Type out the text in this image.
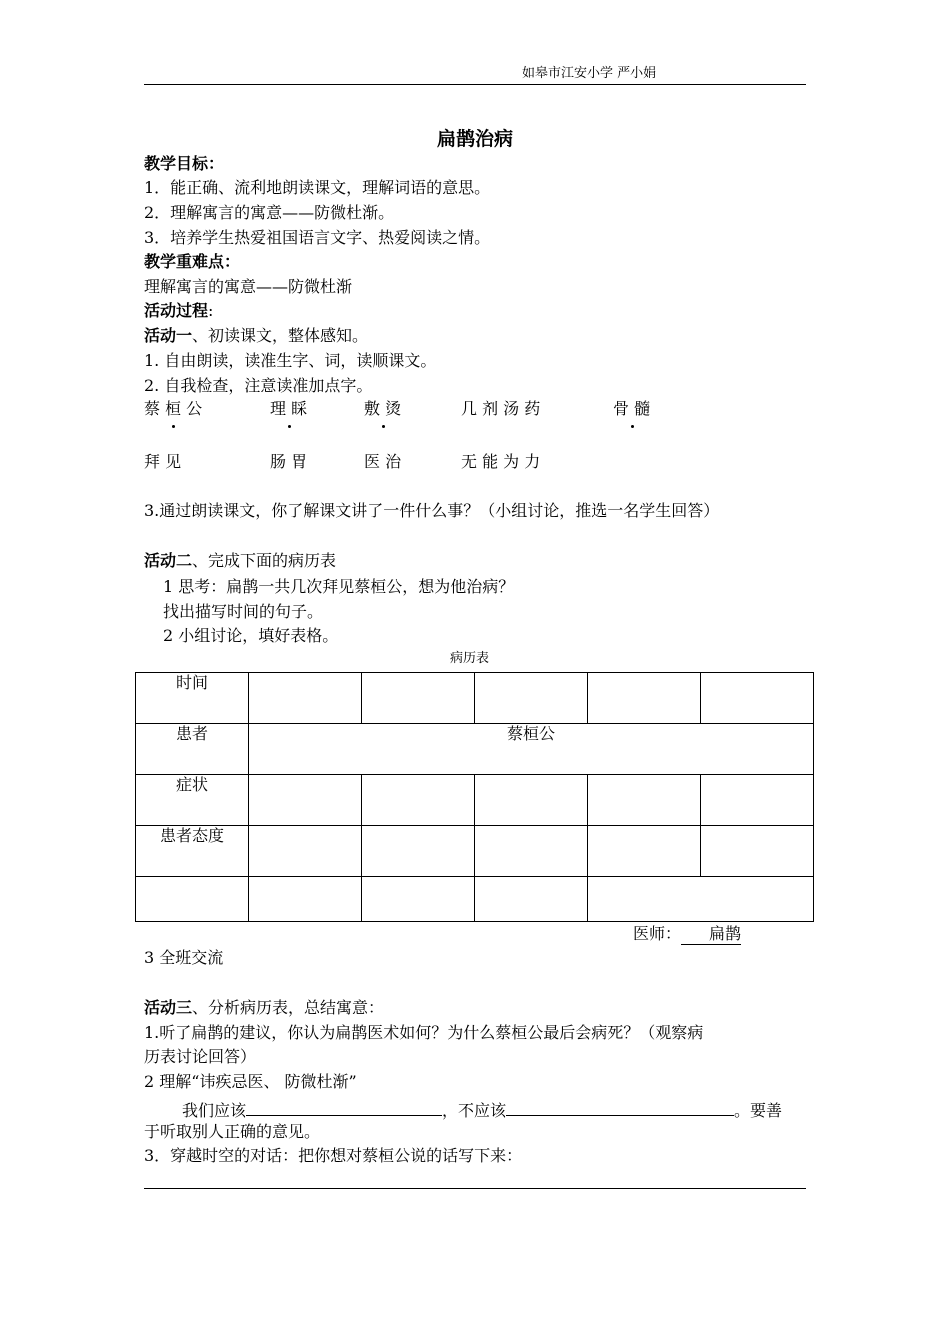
如皋市江安小学 严小娟
扁鹊治病
教学目标：
1．能正确、流利地朗读课文，理解词语的意思。
2．理解寓言的寓意——防微杜渐。
3．培养学生热爱祖国语言文字、热爱阅读之情。
教学重难点：
理解寓言的寓意——防微杜渐
活动过程:
活动一、初读课文，整体感知。
1. 自由朗读，读准生字、词，读顺课文。
2. 自我检查，注意读准加点字。
蔡 桓 公	理 睬	敷 烫	几 剂 汤 药	骨 髓
拜 见	肠 胃	医 治	无 能 为 力
3.通过朗读课文，你了解课文讲了一件什么事？（小组讨论，推选一名学生回答）
活动二、完成下面的病历表
1 思考：扁鹊一共几次拜见蔡桓公，想为他治病？
找出描写时间的句子。
2 小组讨论，填好表格。
病历表
时间					
患者	蔡桓公				
症状					
患者态度					

医师： 扁鹊
3 全班交流
活动三、分析病历表，总结寓意：
1.听了扁鹊的建议，你认为扁鹊医术如何？为什么蔡桓公最后会病死？（观察病
历表讨论回答）
2 理解“讳疾忌医、 防微杜渐”
我们应该	，不应该	。要善
于听取别人正确的意见。
3．穿越时空的对话：把你想对蔡桓公说的话写下来：
